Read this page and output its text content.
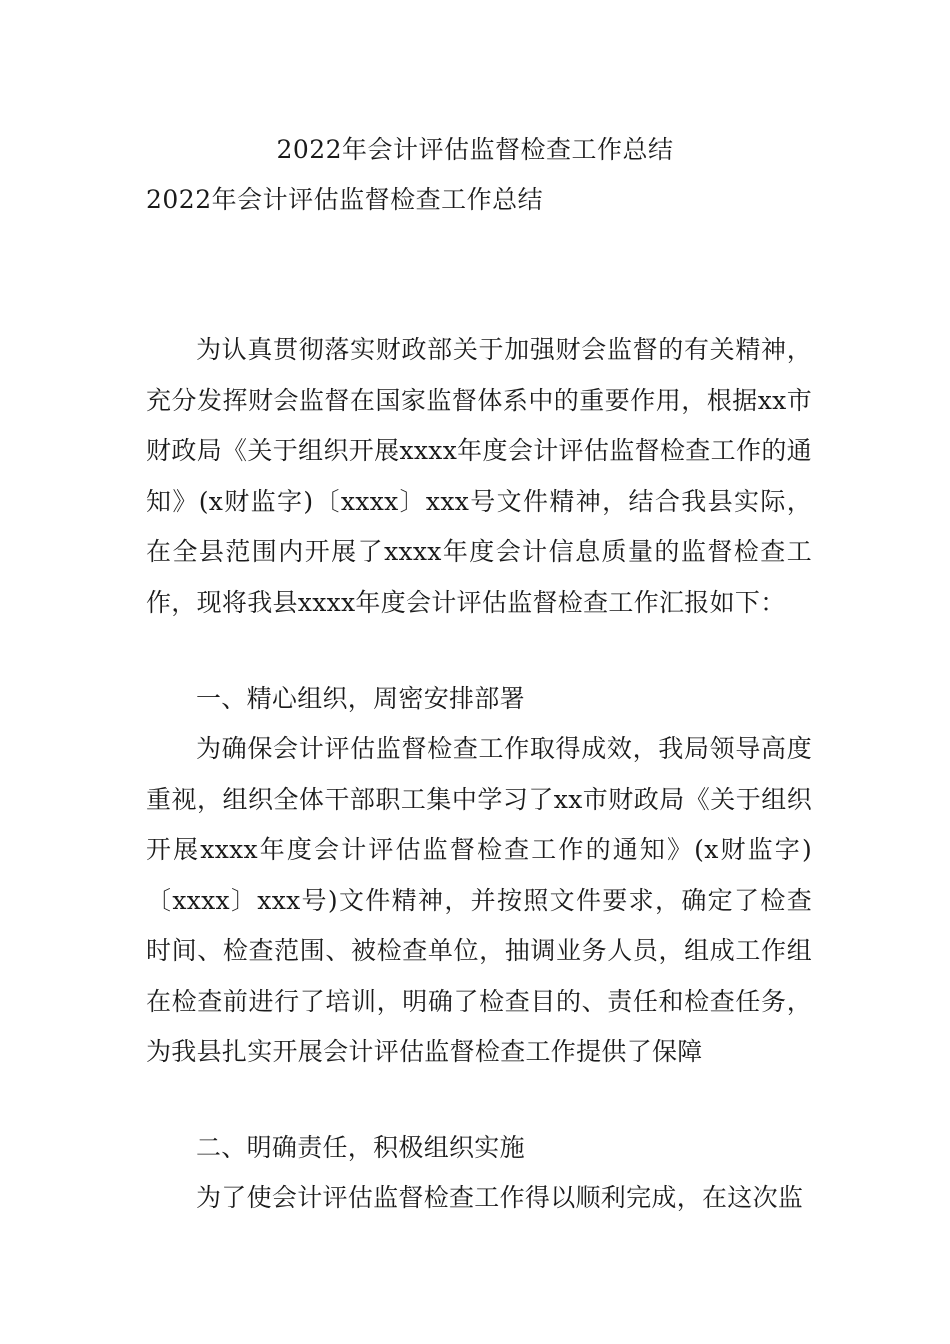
2022年会计评估监督检查工作总结
2022年会计评估监督检查工作总结
为认真贯彻落实财政部关于加强财会监督的有关精神，充分发挥财会监督在国家监督体系中的重要作用，根据xx市财政局《关于组织开展xxxx年度会计评估监督检查工作的通知》(x财监字)〔xxxx〕xxx号文件精神，结合我县实际，在全县范围内开展了xxxx年度会计信息质量的监督检查工作，现将我县xxxx年度会计评估监督检查工作汇报如下：
一、精心组织，周密安排部署
为确保会计评估监督检查工作取得成效，我局领导高度重视，组织全体干部职工集中学习了xx市财政局《关于组织开展xxxx年度会计评估监督检查工作的通知》(x财监字)〔xxxx〕xxx号)文件精神，并按照文件要求，确定了检查时间、检查范围、被检查单位，抽调业务人员，组成工作组在检查前进行了培训，明确了检查目的、责任和检查任务，为我县扎实开展会计评估监督检查工作提供了保障
二、明确责任，积极组织实施
为了使会计评估监督检查工作得以顺利完成，在这次监
